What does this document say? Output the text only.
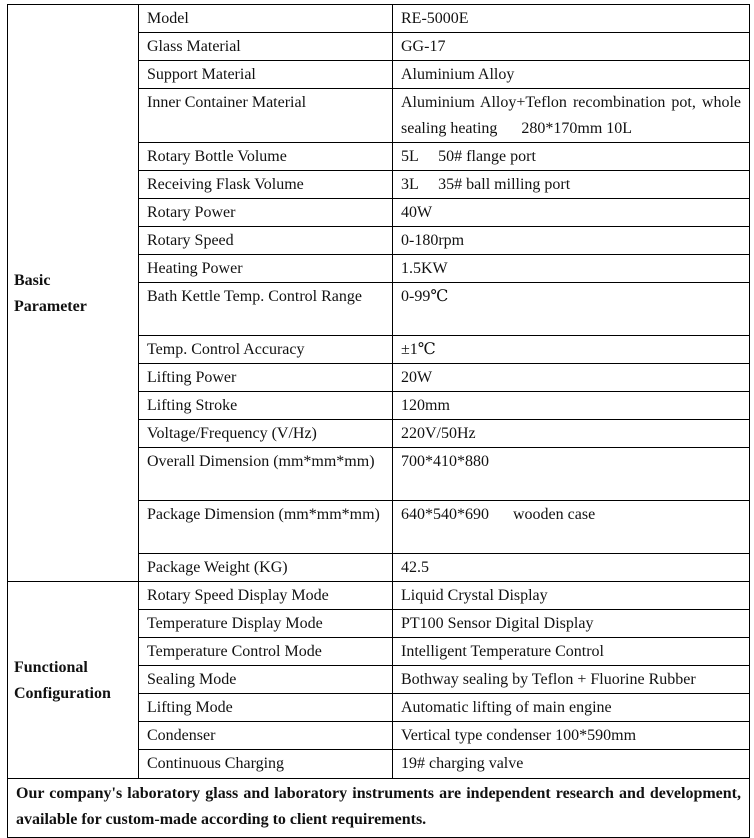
Basic
Parameter	Model	RE-5000E
	Glass Material	GG-17
	Support Material	Aluminium Alloy
	Inner Container Material	Aluminium Alloy+Teflon recombination pot, whole sealing heating      280*170mm 10L
	Rotary Bottle Volume	5L     50# flange port
	Receiving Flask Volume	3L     35# ball milling port
	Rotary Power	40W
	Rotary Speed	0-180rpm
	Heating Power	1.5KW
	Bath Kettle Temp. Control Range	0-99℃
	Temp. Control Accuracy	±1℃
	Lifting Power	20W
	Lifting Stroke	120mm
	Voltage/Frequency (V/Hz)	220V/50Hz
	Overall Dimension (mm*mm*mm)	700*410*880
	Package Dimension (mm*mm*mm)	640*540*690      wooden case
	Package Weight (KG)	42.5

Functional
Configuration	Rotary Speed Display Mode	Liquid Crystal Display
	Temperature Display Mode	PT100 Sensor Digital Display
	Temperature Control Mode	Intelligent Temperature Control
	Sealing Mode	Bothway sealing by Teflon + Fluorine Rubber
	Lifting Mode	Automatic lifting of main engine
	Condenser	Vertical type condenser 100*590mm
	Continuous Charging	19# charging valve
Our company's laboratory glass and laboratory instruments are independent research and development, available for custom-made according to client requirements.		
